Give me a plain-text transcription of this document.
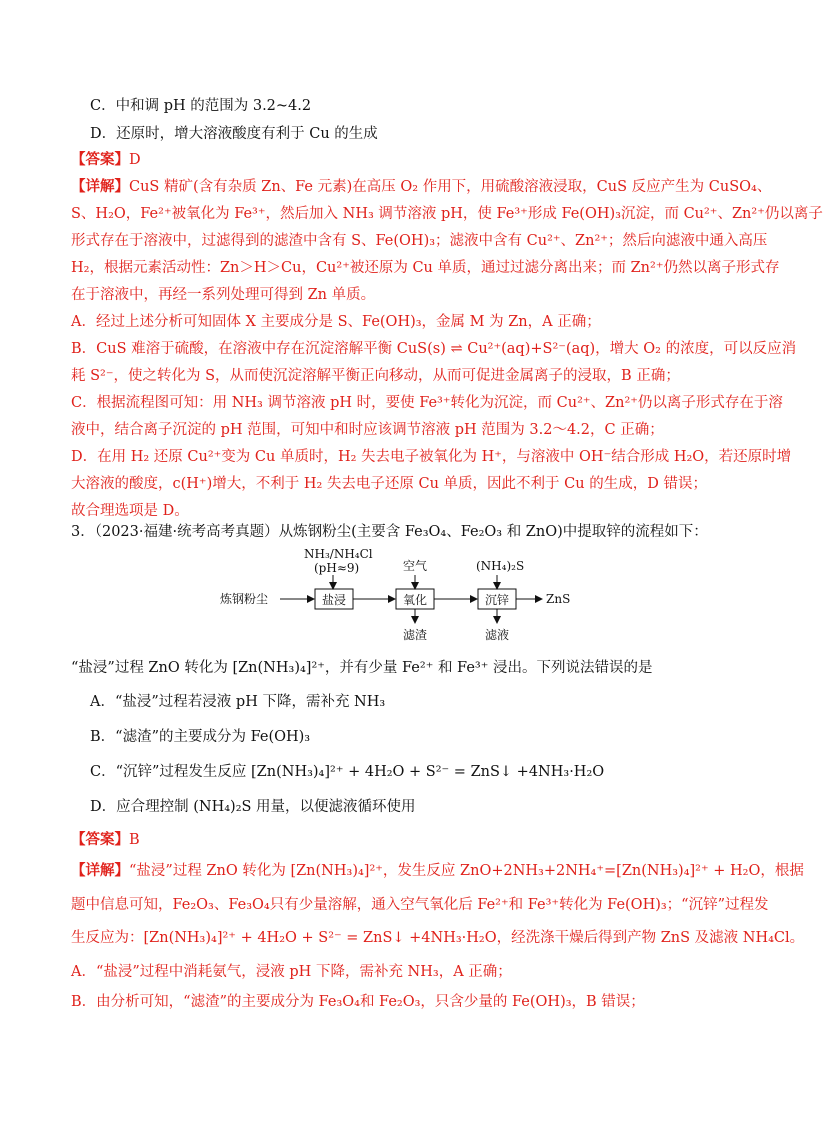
C．中和调 pH 的范围为 3.2~4.2
D．还原时，增大溶液酸度有利于 Cu 的生成
【答案】D
【详解】CuS 精矿(含有杂质 Zn、Fe 元素)在高压 O₂ 作用下，用硫酸溶液浸取，CuS 反应产生为 CuSO₄、
S、H₂O，Fe²⁺被氧化为 Fe³⁺，然后加入 NH₃ 调节溶液 pH，使 Fe³⁺形成 Fe(OH)₃沉淀，而 Cu²⁺、Zn²⁺仍以离子
形式存在于溶液中，过滤得到的滤渣中含有 S、Fe(OH)₃；滤液中含有 Cu²⁺、Zn²⁺；然后向滤液中通入高压
H₂，根据元素活动性：Zn＞H＞Cu，Cu²⁺被还原为 Cu 单质，通过过滤分离出来；而 Zn²⁺仍然以离子形式存
在于溶液中，再经一系列处理可得到 Zn 单质。
A．经过上述分析可知固体 X 主要成分是 S、Fe(OH)₃，金属 M 为 Zn，A 正确；
B．CuS 难溶于硫酸，在溶液中存在沉淀溶解平衡 CuS(s) ⇌ Cu²⁺(aq)+S²⁻(aq)，增大 O₂ 的浓度，可以反应消
耗 S²⁻，使之转化为 S，从而使沉淀溶解平衡正向移动，从而可促进金属离子的浸取，B 正确；
C．根据流程图可知：用 NH₃ 调节溶液 pH 时，要使 Fe³⁺转化为沉淀，而 Cu²⁺、Zn²⁺仍以离子形式存在于溶
液中，结合离子沉淀的 pH 范围，可知中和时应该调节溶液 pH 范围为 3.2～4.2，C 正确；
D．在用 H₂ 还原 Cu²⁺变为 Cu 单质时，H₂ 失去电子被氧化为 H⁺，与溶液中 OH⁻结合形成 H₂O，若还原时增
大溶液的酸度，c(H⁺)增大，不利于 H₂ 失去电子还原 Cu 单质，因此不利于 Cu 的生成，D 错误；
故合理选项是 D。
3．（2023·福建·统考高考真题）从炼钢粉尘(主要含 Fe₃O₄、Fe₂O₃ 和 ZnO)中提取锌的流程如下：
炼钢粉尘
NH₃/NH₄Cl
(pH≈9)
盐浸
空气
氧化
滤渣
(NH₄)₂S
沉锌
滤液
ZnS
“盐浸”过程 ZnO 转化为 [Zn(NH₃)₄]²⁺，并有少量 Fe²⁺ 和 Fe³⁺ 浸出。下列说法错误的是
A．“盐浸”过程若浸液 pH 下降，需补充 NH₃
B．“滤渣”的主要成分为 Fe(OH)₃
C．“沉锌”过程发生反应 [Zn(NH₃)₄]²⁺ + 4H₂O + S²⁻ = ZnS↓ +4NH₃·H₂O
D．应合理控制 (NH₄)₂S 用量，以便滤液循环使用
【答案】B
【详解】“盐浸”过程 ZnO 转化为 [Zn(NH₃)₄]²⁺，发生反应 ZnO+2NH₃+2NH₄⁺=[Zn(NH₃)₄]²⁺ + H₂O，根据
题中信息可知，Fe₂O₃、Fe₃O₄只有少量溶解，通入空气氧化后 Fe²⁺和 Fe³⁺转化为 Fe(OH)₃；“沉锌”过程发
生反应为：[Zn(NH₃)₄]²⁺ + 4H₂O + S²⁻ = ZnS↓ +4NH₃·H₂O，经洗涤干燥后得到产物 ZnS 及滤液 NH₄Cl。
A．“盐浸”过程中消耗氨气，浸液 pH 下降，需补充 NH₃，A 正确；
B．由分析可知，“滤渣”的主要成分为 Fe₃O₄和 Fe₂O₃，只含少量的 Fe(OH)₃，B 错误；
